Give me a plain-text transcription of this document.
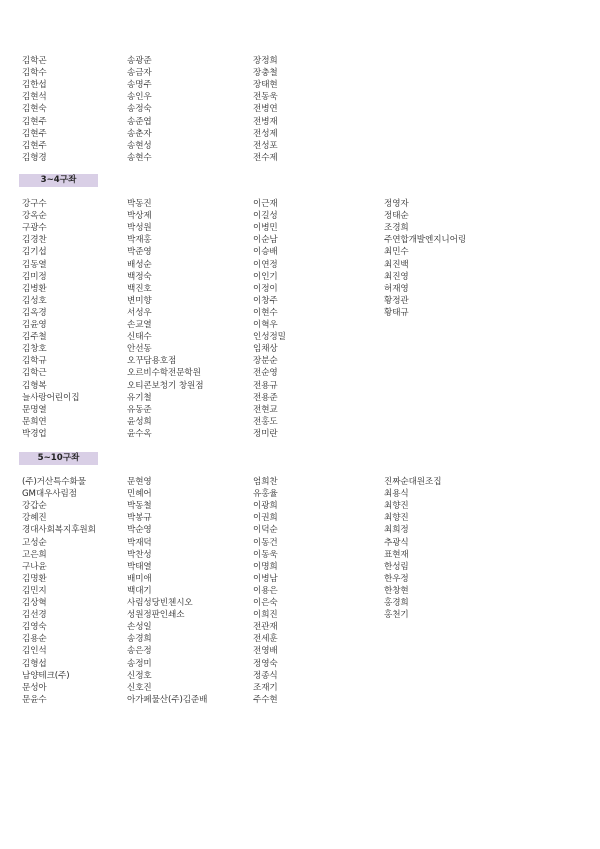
김학곤	송광준	장정희
김학수	송금자	장충철
김한섭	송명주	장태현
김현석	송인우	전동욱
김현숙	송정숙	전병연
김현주	송준엽	전병재
김현주	송춘자	전성제
김현주	송현성	전성포
김형경	송현수	전수제
3~4구좌
강구수	박동진	이근재	정영자
강옥순	박상제	이길성	정태순
구광수	박성원	이병민	조경희
김경찬	박재홍	이순남	주연합개발엔지니어링
김기섭	박준영	이승배	최민수
김동열	배성순	이연정	최진백
김미정	백정숙	이인기	최진영
김병환	백진호	이정이	허재영
김성호	변미향	이창주	황정관
김옥경	서성우	이현수	황태규
김윤영	손교열	이혁우
김주철	신태수	인성정밀
김창호	안선동	임채상
김학규	오꾸담용호점	장분순
김학근	오르비수학전문학원	전순영
김형복	오티콘보청기 창원점	전용규
늘사랑어린이집	유기철	전용준
문명열	유동준	전현교
문희연	윤성희	전홍도
박경업	윤수옥	정미란
5~10구좌
(주)거산특수화물	문현영	엄희찬	진짜순대원조집
GM대우사림점	민혜어	유홍율	최용식
강갑순	박동철	이광희	최향진
강혜진	박봉규	이권희	최향진
경대사회복지후원회	박순영	이덕순	최희정
고성순	박재덕	이동건	추광식
고은희	박찬성	이동욱	표현재
구나윤	박태열	이명희	한성림
김명환	배미애	이병남	한우정
김민지	백대기	이용은	한창현
김상혁	사림성당빈첸시오	이은숙	홍경희
김선경	성원정판인쇄소	이희진	홍천기
김영숙	손성일	전관재
김용순	송경희	전세훈
김인석	송은정	전영배
김형섭	송정미	정영숙
남양테크(주)	신정호	정종식
문성아	신호진	조재기
문윤수	아가페물산(주)김준배	주수현
